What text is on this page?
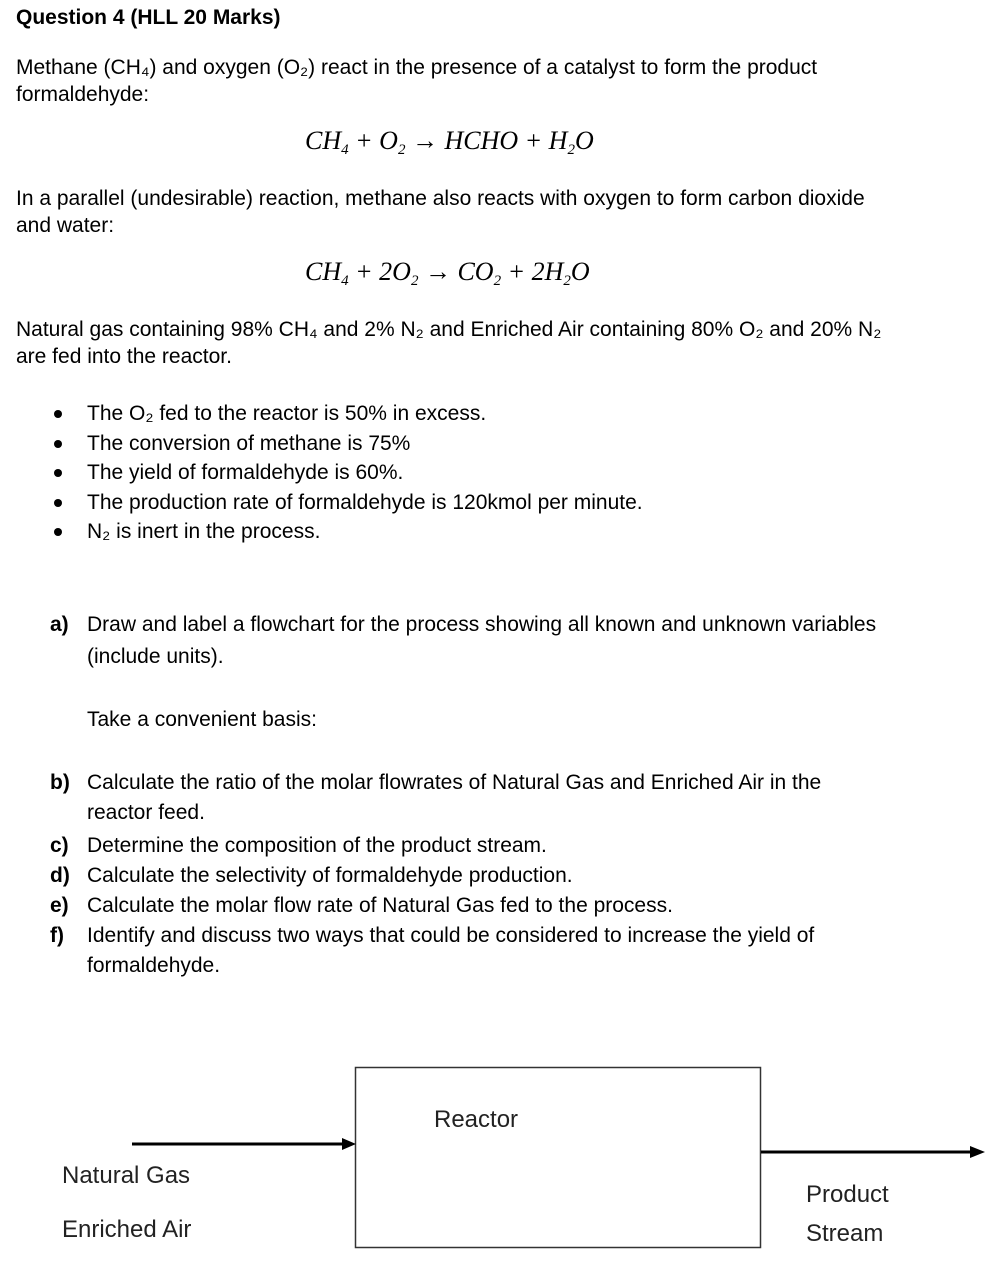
Question 4 (HLL 20 Marks)
Methane (CH₄) and oxygen (O₂) react in the presence of a catalyst to form the product formaldehyde:
$CH_4 + O_2$ → HCHO + $H_2O$
In a parallel (undesirable) reaction, methane also reacts with oxygen to form carbon dioxide and water:
$CH_4 + 2O_2 \to CO_2 + 2H_2O$
Natural gas containing 98% CH₄ and 2% N₂ and Enriched Air containing 80% O₂ and 20% N₂ are fed into the reactor.
The O₂ fed to the reactor is 50% in excess.
The conversion of methane is 75%
The yield of formaldehyde is 60%.
The production rate of formaldehyde is 120kmol per minute.
N₂ is inert in the process.
a) Draw and label a flowchart for the process showing all known and unknown variables (include units).
Take a convenient basis:
b) Calculate the ratio of the molar flowrates of Natural Gas and Enriched Air in the reactor feed.
c) Determine the composition of the product stream.
d) Calculate the selectivity of formaldehyde production.
e) Calculate the molar flow rate of Natural Gas fed to the process.
f) Identify and discuss two ways that could be considered to increase the yield of formaldehyde.
Reactor
Natural Gas
Enriched Air
Product
Stream
